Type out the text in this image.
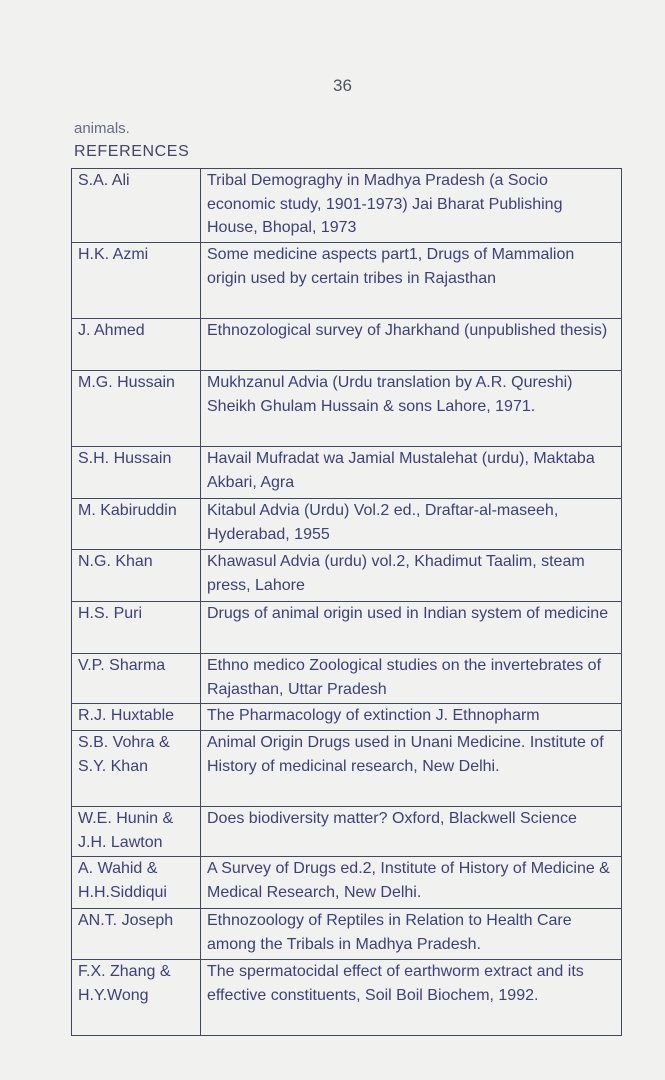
36
animals.
REFERENCES
S.A. Ali	Tribal Demograghy in Madhya Pradesh (a Socio economic study, 1901-1973) Jai Bharat Publishing House, Bhopal, 1973
H.K. Azmi	Some medicine aspects part1, Drugs of Mammalion origin used by certain tribes in Rajasthan
J. Ahmed	Ethnozological survey of Jharkhand (unpublished thesis)
M.G. Hussain	Mukhzanul Advia (Urdu translation by A.R. Qureshi) Sheikh Ghulam Hussain & sons Lahore, 1971.
S.H. Hussain	Havail Mufradat wa Jamial Mustalehat (urdu), Maktaba Akbari, Agra
M. Kabiruddin	Kitabul Advia (Urdu) Vol.2 ed., Draftar-al-maseeh, Hyderabad, 1955
N.G. Khan	Khawasul Advia (urdu) vol.2, Khadimut Taalim, steam press, Lahore
H.S. Puri	Drugs of animal origin used in Indian system of medicine
V.P. Sharma	Ethno medico Zoological studies on the invertebrates of Rajasthan, Uttar Pradesh
R.J. Huxtable	The Pharmacology of extinction J. Ethnopharm
S.B. Vohra & S.Y. Khan	Animal Origin Drugs used in Unani Medicine. Institute of History of medicinal research, New Delhi.
W.E. Hunin & J.H. Lawton	Does biodiversity matter? Oxford, Blackwell Science
A. Wahid & H.H.Siddiqui	A Survey of Drugs ed.2, Institute of History of Medicine & Medical Research, New Delhi.
AN.T. Joseph	Ethnozoology of Reptiles in Relation to Health Care among the Tribals in Madhya Pradesh.
F.X. Zhang & H.Y.Wong	The spermatocidal effect of earthworm extract and its effective constituents, Soil Boil Biochem, 1992.
